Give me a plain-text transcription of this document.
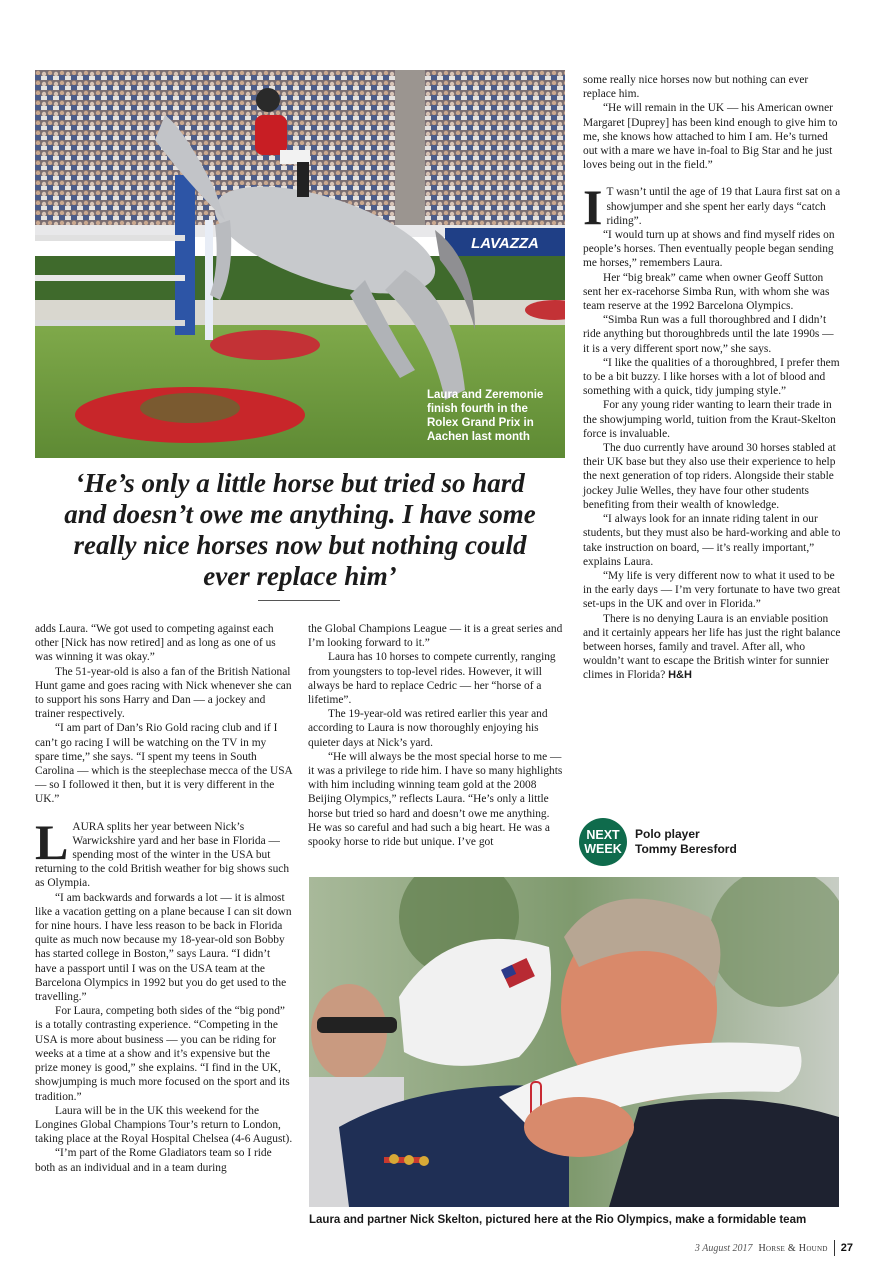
LAVAZZA
Laura and Zeremonie finish fourth in the Rolex Grand Prix in Aachen last month
‘He’s only a little horse but tried so hard and doesn’t owe me anything. I have some really nice horses now but nothing could ever replace him’

adds Laura. “We got used to competing against each other [Nick has now retired] and as long as one of us was winning it was okay.”

The 51-year-old is also a fan of the British National Hunt game and goes racing with Nick whenever she can to support his sons Harry and Dan — a jockey and trainer respectively.

“I am part of Dan’s Rio Gold racing club and if I can’t go racing I will be watching on the TV in my spare time,” she says. “I spent my teens in South Carolina — which is the steeplechase mecca of the USA — so I followed it then, but it is very different in the UK.”

LAURA splits her year between Nick’s Warwickshire yard and her base in Florida — spending most of the winter in the USA but returning to the cold British weather for big shows such as Olympia.

“I am backwards and forwards a lot — it is almost like a vacation getting on a plane because I can sit down for nine hours. I have less reason to be back in Florida quite as much now because my 18-year-old son Bobby has started college in Boston,” says Laura. “I didn’t have a passport until I was on the USA team at the Barcelona Olympics in 1992 but you do get used to the travelling.”

For Laura, competing both sides of the “big pond” is a totally contrasting experience. “Competing in the USA is more about business — you can be riding for weeks at a time at a show and it’s expensive but the prize money is good,” she explains. “I find in the UK, showjumping is much more focused on the sport and its tradition.”

Laura will be in the UK this weekend for the Longines Global Champions Tour’s return to London, taking place at the Royal Hospital Chelsea (4-6 August).

“I’m part of the Rome Gladiators team so I ride both as an individual and in a team during

the Global Champions League — it is a great series and I’m looking forward to it.”

Laura has 10 horses to compete currently, ranging from youngsters to top-level rides. However, it will always be hard to replace Cedric — her “horse of a lifetime”.

The 19-year-old was retired earlier this year and according to Laura is now thoroughly enjoying his quieter days at Nick’s yard.

“He will always be the most special horse to me — it was a privilege to ride him. I have so many highlights with him including winning team gold at the 2008 Beijing Olympics,” reflects Laura. “He’s only a little horse but tried so hard and doesn’t owe me anything. He was so careful and had such a big heart. He was a spooky horse to ride but unique. I’ve got

some really nice horses now but nothing can ever replace him.

“He will remain in the UK — his American owner Margaret [Duprey] has been kind enough to give him to me, she knows how attached to him I am. He’s turned out with a mare we have in-foal to Big Star and he just loves being out in the field.”

I T wasn’t until the age of 19 that Laura first sat on a showjumper and she spent her early days “catch riding”.

“I would turn up at shows and find myself rides on people’s horses. Then eventually people began sending me horses,” remembers Laura.

Her “big break” came when owner Geoff Sutton sent her ex-racehorse Simba Run, with whom she was team reserve at the 1992 Barcelona Olympics.

“Simba Run was a full thoroughbred and I didn’t ride anything but thoroughbreds until the late 1990s — it is a very different sport now,” she says.

“I like the qualities of a thoroughbred, I prefer them to be a bit buzzy. I like horses with a lot of blood and something with a quick, tidy jumping style.”

For any young rider wanting to learn their trade in the showjumping world, tuition from the Kraut-Skelton force is invaluable.

The duo currently have around 30 horses stabled at their UK base but they also use their experience to help the next generation of top riders. Alongside their stable jockey Julie Welles, they have four other students benefiting from their wealth of knowledge.

“I always look for an innate riding talent in our students, but they must also be hard-working and able to take instruction on board, — it’s really important,” explains Laura.

“My life is very different now to what it used to be in the early days — I’m very fortunate to have two great set-ups in the UK and over in Florida.”

There is no denying Laura is an enviable position and it certainly appears her life has just the right balance between horses, family and travel. After all, who wouldn’t want to escape the British winter for sunnier climes in Florida? H&H

NEXT
WEEK
Polo player
Tommy Beresford
Laura and partner Nick Skelton, pictured here at the Rio Olympics, make a formidable team
3 August 2017 Horse & Hound 27
